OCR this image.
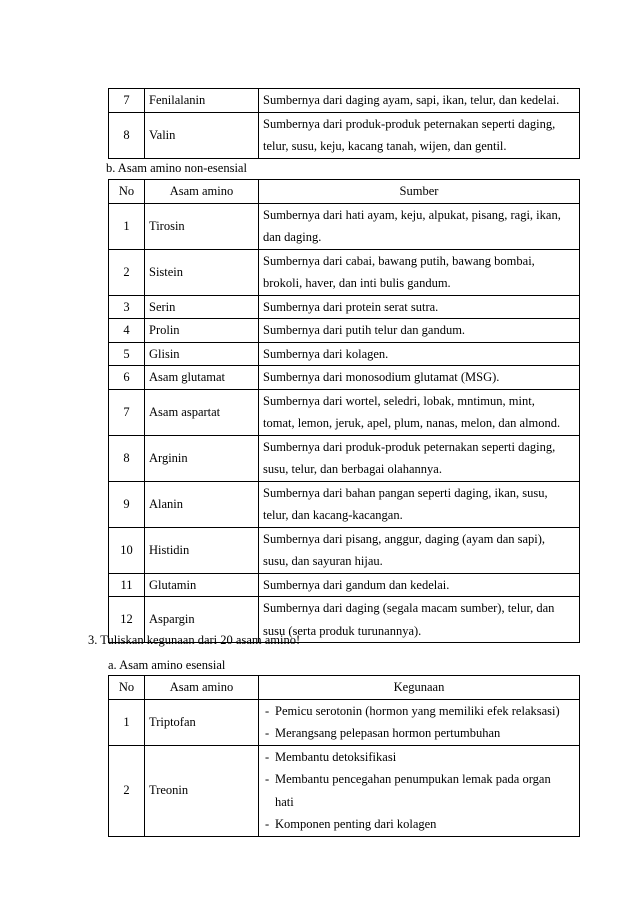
7	Fenilalanin	Sumbernya dari daging ayam, sapi, ikan, telur, dan kedelai.

8	Valin	Sumbernya dari produk-produk peternakan seperti daging,
telur, susu, keju, kacang tanah, wijen, dan gentil.
b. Asam amino non-esensial
No	Asam amino	Sumber
1	Tirosin	Sumbernya dari hati ayam, keju, alpukat, pisang, ragi, ikan,
dan daging.

2	Sistein	Sumbernya dari cabai, bawang putih, bawang bombai,
brokoli, haver, dan inti bulis gandum.

3	Serin	Sumbernya dari protein serat sutra.

4	Prolin	Sumbernya dari putih telur dan gandum.

5	Glisin	Sumbernya dari kolagen.

6	Asam glutamat	Sumbernya dari monosodium glutamat (MSG).

7	Asam aspartat	Sumbernya dari wortel, seledri, lobak, mntimun, mint,
tomat, lemon, jeruk, apel, plum, nanas, melon, dan almond.

8	Arginin	Sumbernya dari produk-produk peternakan seperti daging,
susu, telur, dan berbagai olahannya.

9	Alanin	Sumbernya dari bahan pangan seperti daging, ikan, susu,
telur, dan kacang-kacangan.

10	Histidin	Sumbernya dari pisang, anggur, daging (ayam dan sapi),
susu, dan sayuran hijau.

11	Glutamin	Sumbernya dari gandum dan kedelai.

12	Aspargin	Sumbernya dari daging (segala macam sumber), telur, dan
susu (serta produk turunannya).
3. Tuliskan kegunaan dari 20 asam amino!
a. Asam amino esensial
No	Asam amino	Kegunaan
1	Triptofan	- Pemicu serotonin (hormon yang memiliki efek relaksasi)
- Merangsang pelepasan hormon pertumbuhan

2	Treonin	- Membantu detoksifikasi
- Membantu pencegahan penumpukan lemak pada organ
hati
- Komponen penting dari kolagen
